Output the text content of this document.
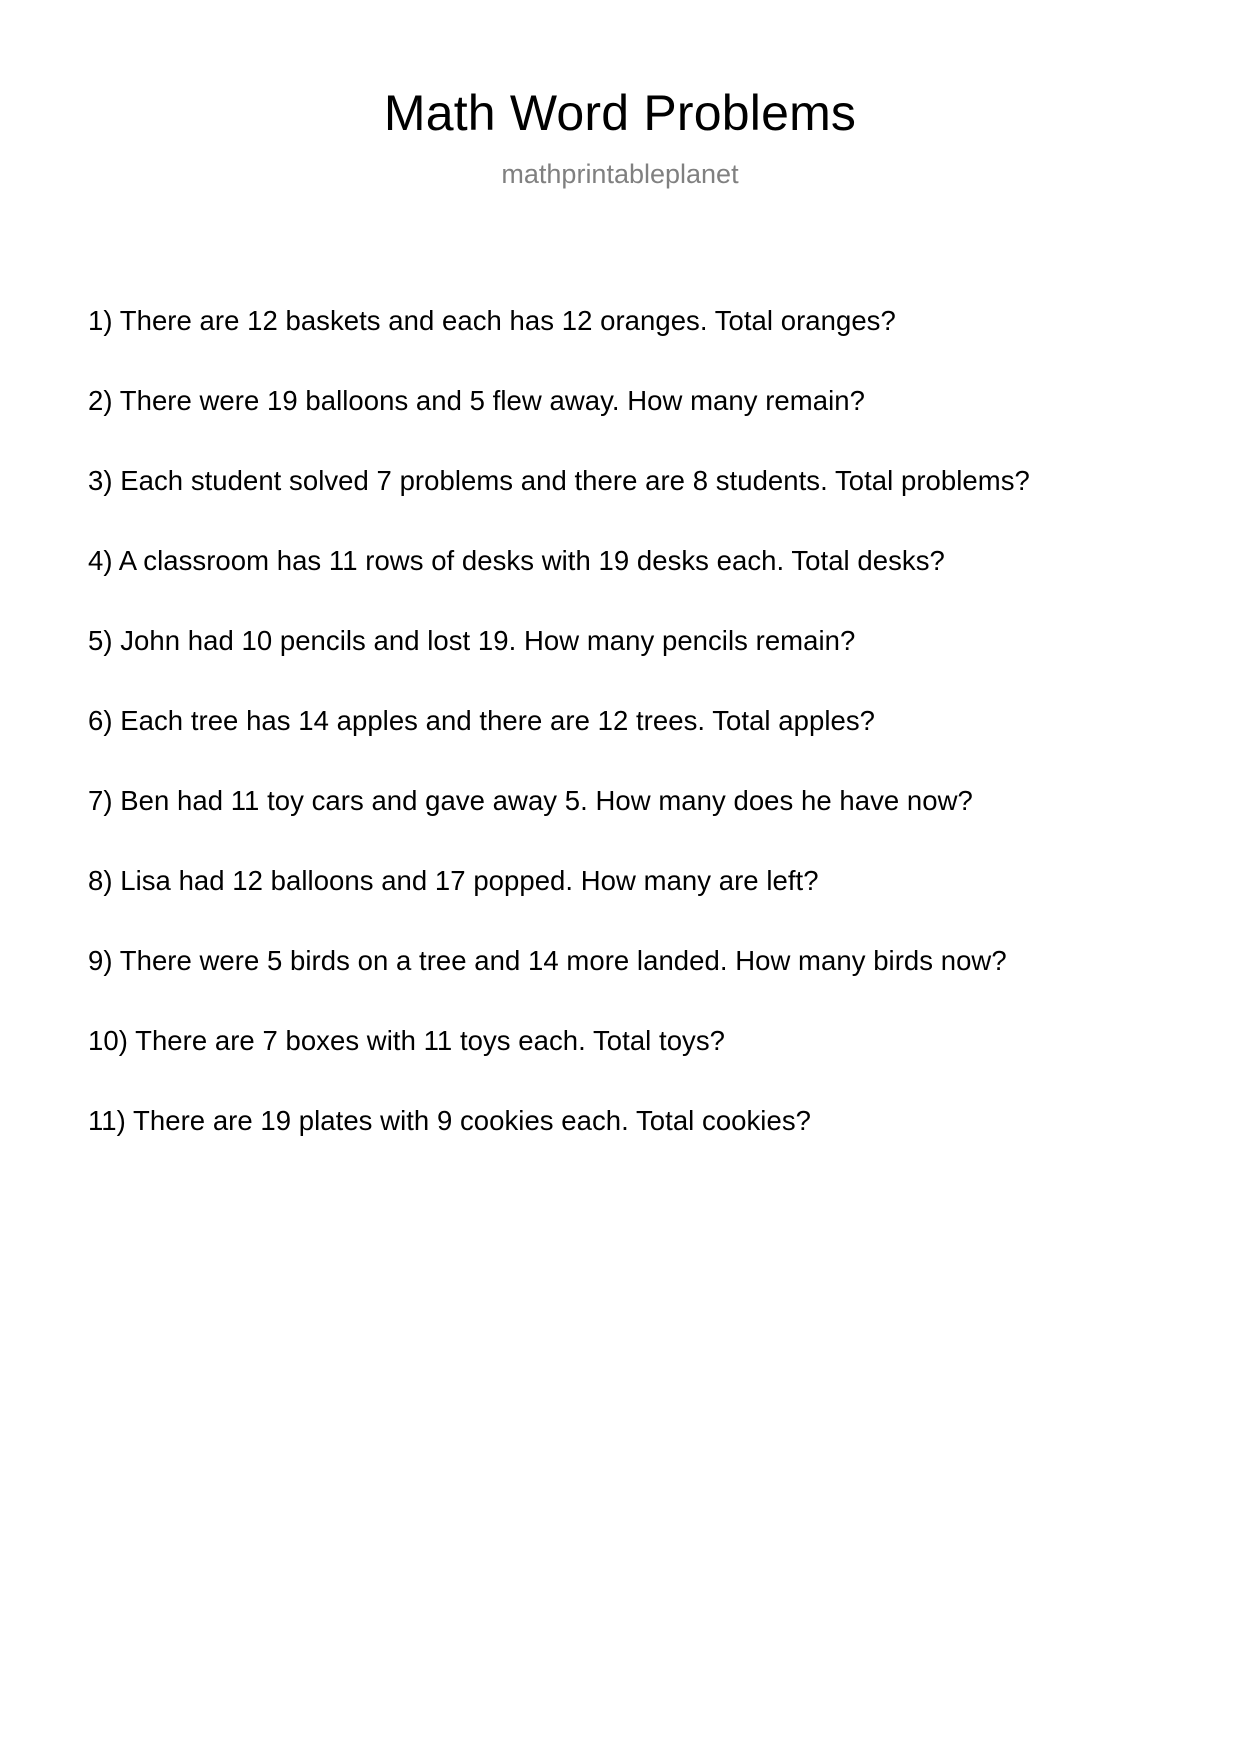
Math Word Problems
mathprintableplanet
1) There are 12 baskets and each has 12 oranges. Total oranges?
2) There were 19 balloons and 5 flew away. How many remain?
3) Each student solved 7 problems and there are 8 students. Total problems?
4) A classroom has 11 rows of desks with 19 desks each. Total desks?
5) John had 10 pencils and lost 19. How many pencils remain?
6) Each tree has 14 apples and there are 12 trees. Total apples?
7) Ben had 11 toy cars and gave away 5. How many does he have now?
8) Lisa had 12 balloons and 17 popped. How many are left?
9) There were 5 birds on a tree and 14 more landed. How many birds now?
10) There are 7 boxes with 11 toys each. Total toys?
11) There are 19 plates with 9 cookies each. Total cookies?
